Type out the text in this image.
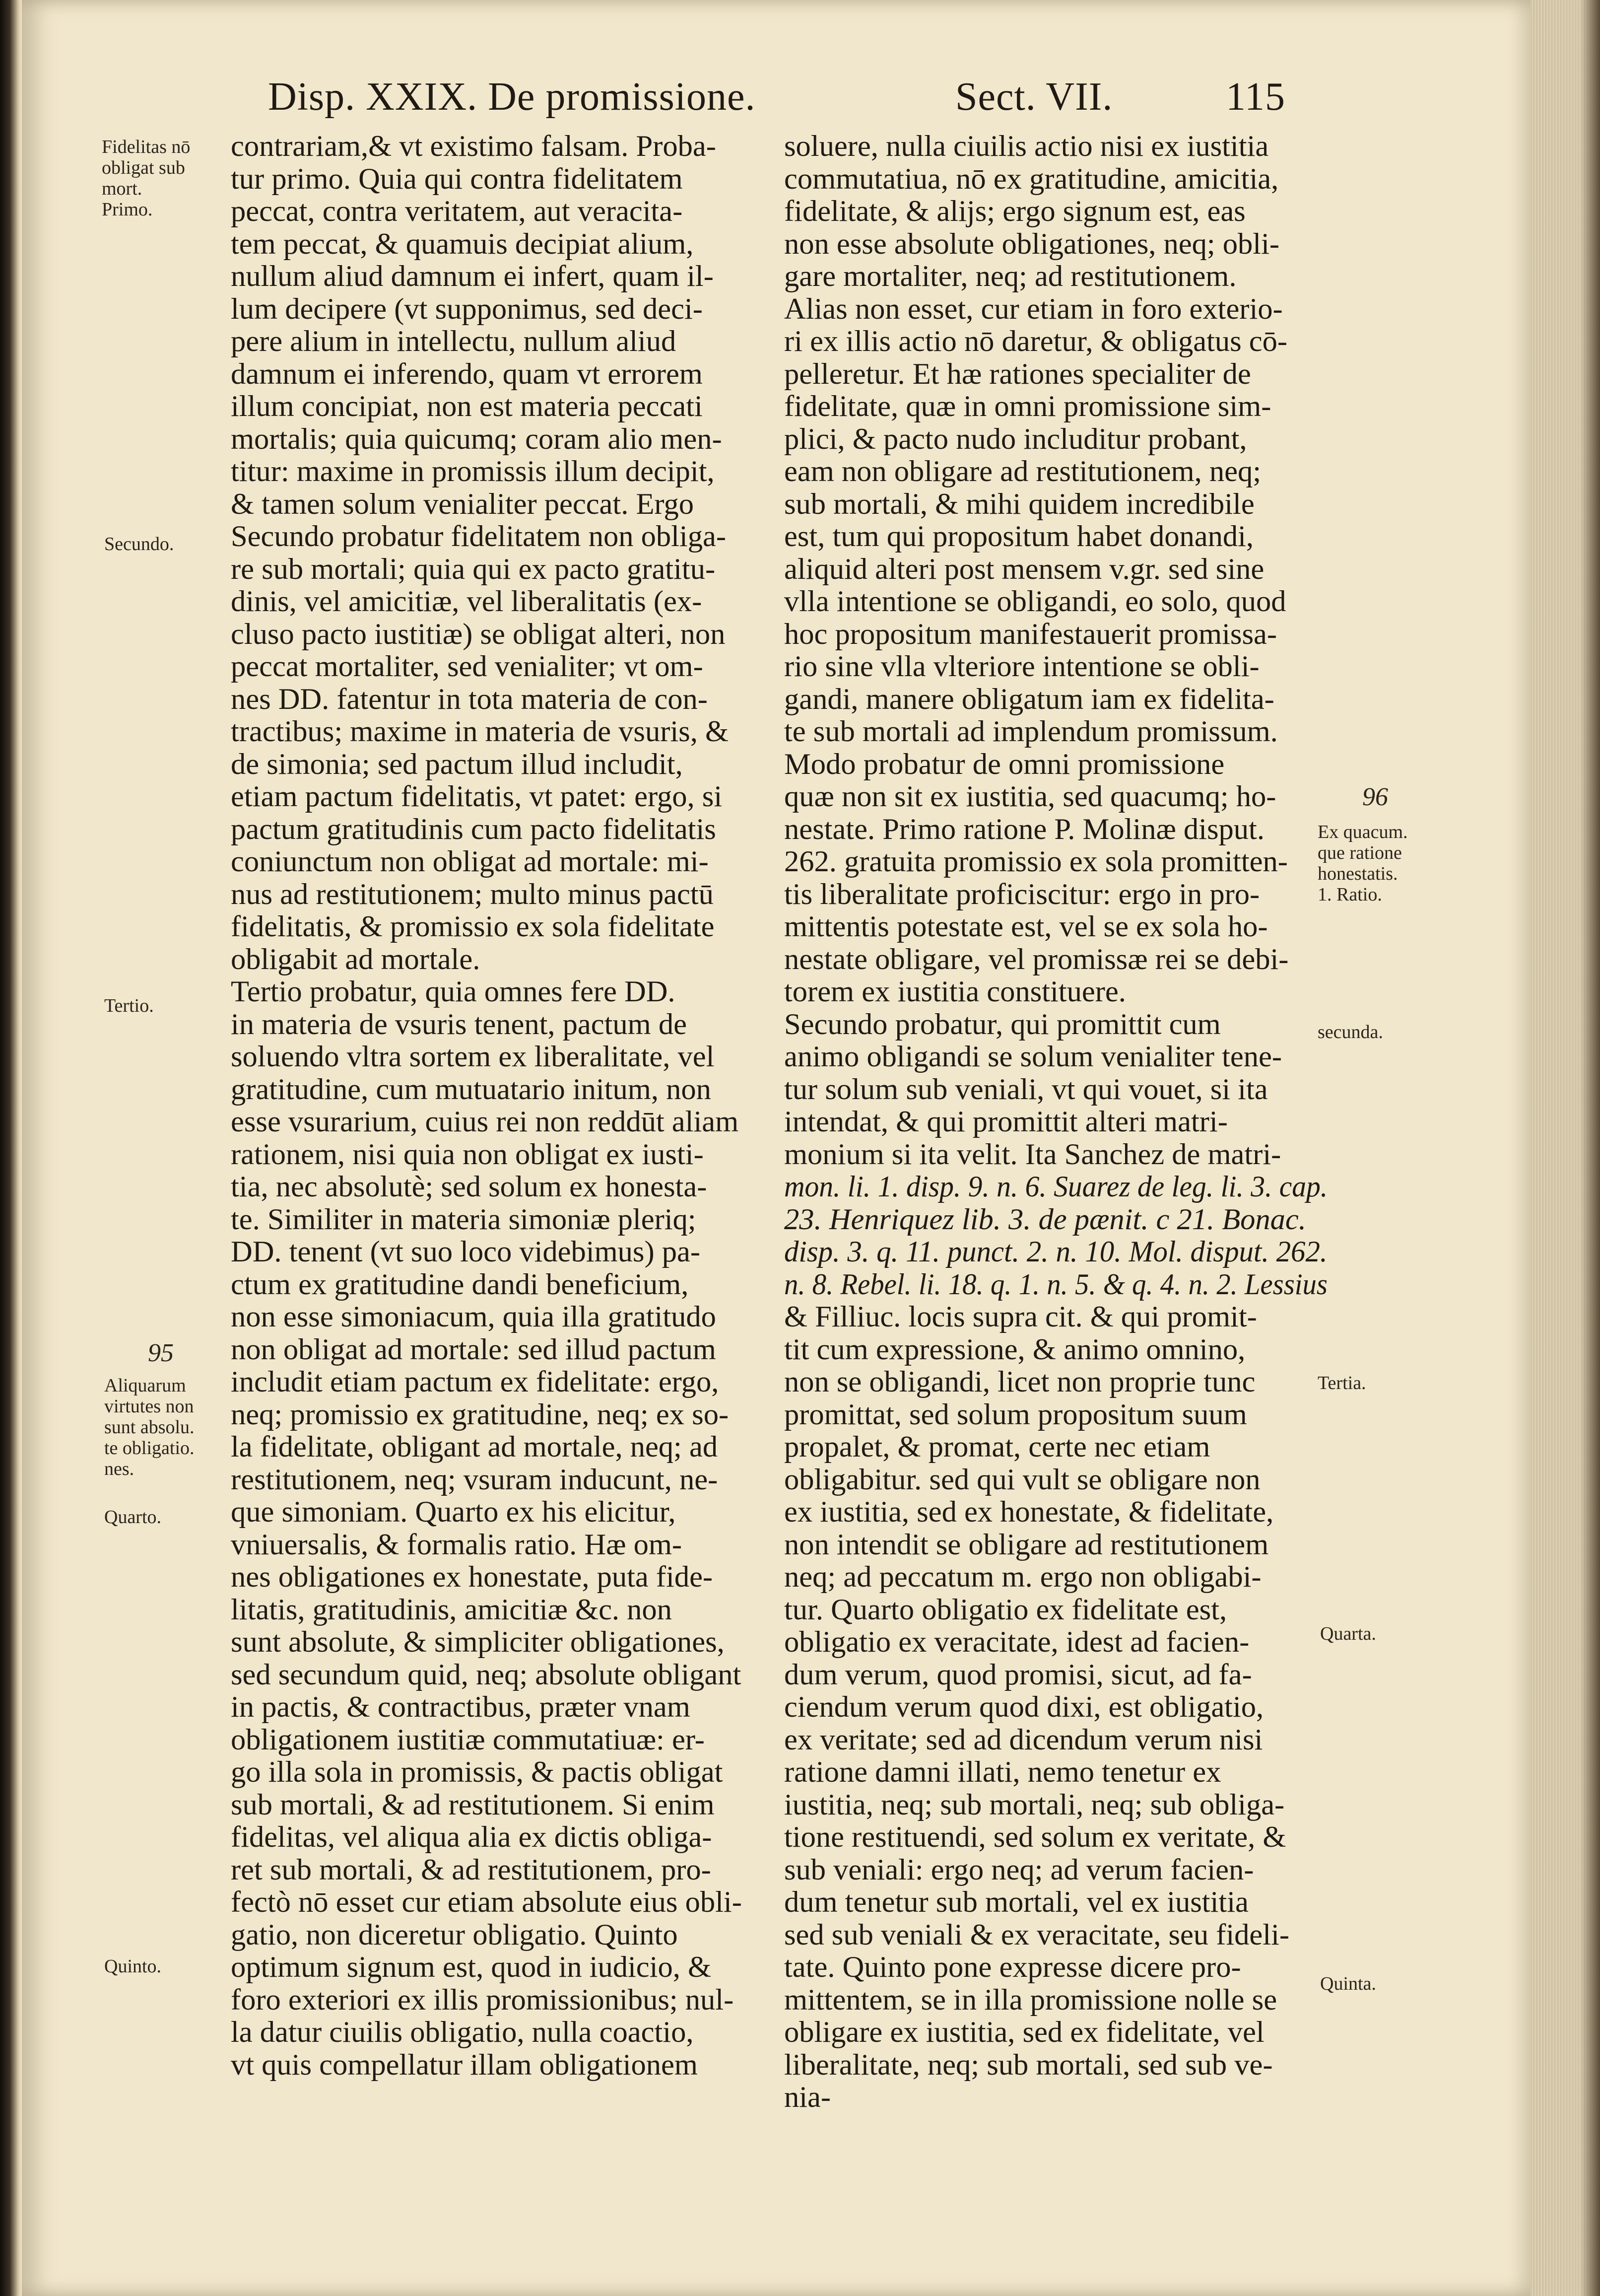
Disp. XXIX. De promissione.	Sect. VII.	115
contrariam,& vt existimo falsam. Proba-
tur primo. Quia qui contra fidelitatem
peccat, contra veritatem, aut veracita-
tem peccat, & quamuis decipiat alium,
nullum aliud damnum ei infert, quam il-
lum decipere (vt supponimus, sed deci-
pere alium in intellectu, nullum aliud
damnum ei inferendo, quam vt errorem
illum concipiat, non est materia peccati
mortalis; quia quicumq; coram alio men-
titur: maxime in promissis illum decipit,
& tamen solum venialiter peccat. Ergo
Secundo probatur fidelitatem non obliga-
re sub mortali; quia qui ex pacto gratitu-
dinis, vel amicitiæ, vel liberalitatis (ex-
cluso pacto iustitiæ) se obligat alteri, non
peccat mortaliter, sed venialiter; vt om-
nes DD. fatentur in tota materia de con-
tractibus; maxime in materia de vsuris, &
de simonia; sed pactum illud includit,
etiam pactum fidelitatis, vt patet: ergo, si
pactum gratitudinis cum pacto fidelitatis
coniunctum non obligat ad mortale: mi-
nus ad restitutionem; multo minus pactū
fidelitatis, & promissio ex sola fidelitate
obligabit ad mortale.
Tertio probatur, quia omnes fere DD.
in materia de vsuris tenent, pactum de
soluendo vltra sortem ex liberalitate, vel
gratitudine, cum mutuatario initum, non
esse vsurarium, cuius rei non reddūt aliam
rationem, nisi quia non obligat ex iusti-
tia, nec absolutè; sed solum ex honesta-
te. Similiter in materia simoniæ pleriq;
DD. tenent (vt suo loco videbimus) pa-
ctum ex gratitudine dandi beneficium,
non esse simoniacum, quia illa gratitudo
non obligat ad mortale: sed illud pactum
includit etiam pactum ex fidelitate: ergo,
neq; promissio ex gratitudine, neq; ex so-
la fidelitate, obligant ad mortale, neq; ad
restitutionem, neq; vsuram inducunt, ne-
que simoniam. Quarto ex his elicitur,
vniuersalis, & formalis ratio. Hæ om-
nes obligationes ex honestate, puta fide-
litatis, gratitudinis, amicitiæ &c. non
sunt absolute, & simpliciter obligationes,
sed secundum quid, neq; absolute obligant
in pactis, & contractibus, præter vnam
obligationem iustitiæ commutatiuæ: er-
go illa sola in promissis, & pactis obligat
sub mortali, & ad restitutionem. Si enim
fidelitas, vel aliqua alia ex dictis obliga-
ret sub mortali, & ad restitutionem, pro-
fectò nō esset cur etiam absolute eius obli-
gatio, non diceretur obligatio. Quinto
optimum signum est, quod in iudicio, &
foro exteriori ex illis promissionibus; nul-
la datur ciuilis obligatio, nulla coactio,
vt quis compellatur illam obligationem
soluere, nulla ciuilis actio nisi ex iustitia
commutatiua, nō ex gratitudine, amicitia,
fidelitate, & alijs; ergo signum est, eas
non esse absolute obligationes, neq; obli-
gare mortaliter, neq; ad restitutionem.
Alias non esset, cur etiam in foro exterio-
ri ex illis actio nō daretur, & obligatus cō-
pelleretur. Et hæ rationes specialiter de
fidelitate, quæ in omni promissione sim-
plici, & pacto nudo includitur probant,
eam non obligare ad restitutionem, neq;
sub mortali, & mihi quidem incredibile
est, tum qui propositum habet donandi,
aliquid alteri post mensem v.gr. sed sine
vlla intentione se obligandi, eo solo, quod
hoc propositum manifestauerit promissa-
rio sine vlla vlteriore intentione se obli-
gandi, manere obligatum iam ex fidelita-
te sub mortali ad implendum promissum.
Modo probatur de omni promissione
quæ non sit ex iustitia, sed quacumq; ho-
nestate. Primo ratione P. Molinæ disput.
262. gratuita promissio ex sola promitten-
tis liberalitate proficiscitur: ergo in pro-
mittentis potestate est, vel se ex sola ho-
nestate obligare, vel promissæ rei se debi-
torem ex iustitia constituere.
Secundo probatur, qui promittit cum
animo obligandi se solum venialiter tene-
tur solum sub veniali, vt qui vouet, si ita
intendat, & qui promittit alteri matri-
monium si ita velit. Ita Sanchez de matri-
mon. li. 1. disp. 9. n. 6. Suarez de leg. li. 3. cap.
23. Henriquez lib. 3. de pænit. c 21. Bonac.
disp. 3. q. 11. punct. 2. n. 10. Mol. disput. 262.
n. 8. Rebel. li. 18. q. 1. n. 5. & q. 4. n. 2. Lessius
& Filliuc. locis supra cit. & qui promit-
tit cum expressione, & animo omnino,
non se obligandi, licet non proprie tunc
promittat, sed solum propositum suum
propalet, & promat, certe nec etiam
obligabitur. sed qui vult se obligare non
ex iustitia, sed ex honestate, & fidelitate,
non intendit se obligare ad restitutionem
neq; ad peccatum m. ergo non obligabi-
tur. Quarto obligatio ex fidelitate est,
obligatio ex veracitate, idest ad facien-
dum verum, quod promisi, sicut, ad fa-
ciendum verum quod dixi, est obligatio,
ex veritate; sed ad dicendum verum nisi
ratione damni illati, nemo tenetur ex
iustitia, neq; sub mortali, neq; sub obliga-
tione restituendi, sed solum ex veritate, &
sub veniali: ergo neq; ad verum facien-
dum tenetur sub mortali, vel ex iustitia
sed sub veniali & ex veracitate, seu fideli-
tate. Quinto pone expresse dicere pro-
mittentem, se in illa promissione nolle se
obligare ex iustitia, sed ex fidelitate, vel
liberalitate, neq; sub mortali, sed sub ve-
nia-
Fidelitas nō
obligat sub
mort.
Primo.
Secundo.
Tertio.
95
Aliquarum
virtutes non
sunt absolu.
te obligatio.
nes.
Quarto.
Quinto.
96
Ex quacum.
que ratione
honestatis.
1. Ratio.
secunda.
Tertia.
Quarta.
Quinta.
